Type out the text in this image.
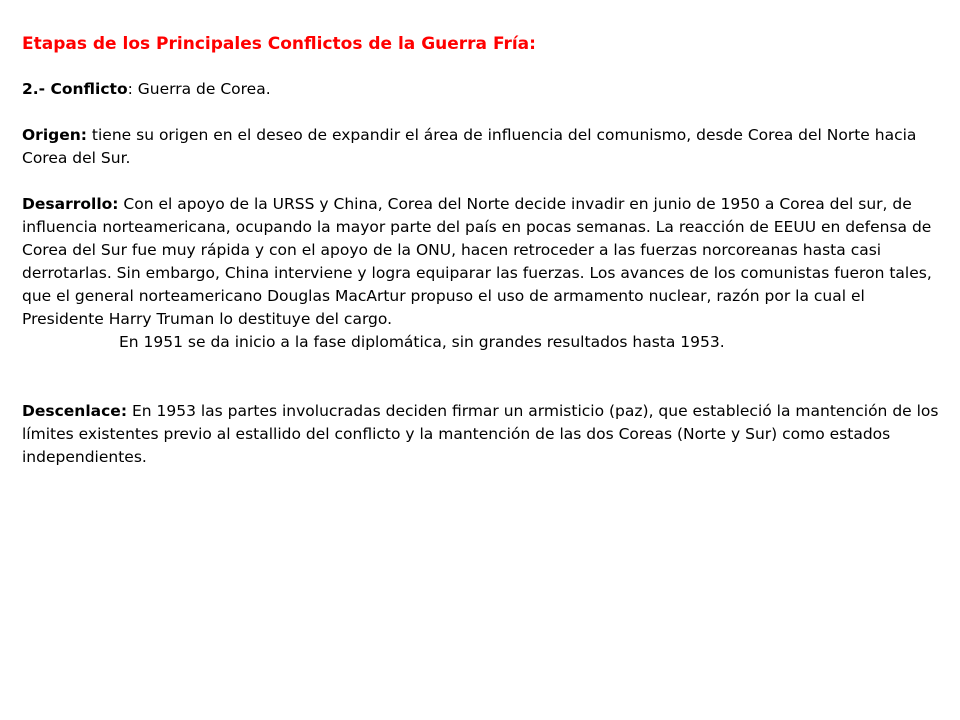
Etapas de los Principales Conflictos de la Guerra Fría:
2.- Conflicto: Guerra de Corea.
Origen: tiene su origen en el deseo de expandir el área de influencia del comunismo, desde Corea del Norte hacia Corea del Sur.
Desarrollo: Con el apoyo de la URSS y China, Corea del Norte decide invadir en junio de 1950 a Corea del sur, de influencia norteamericana, ocupando la mayor parte del país en pocas semanas. La reacción de EEUU en defensa de Corea del Sur fue muy rápida y con el apoyo de la ONU, hacen retroceder a las fuerzas norcoreanas hasta casi derrotarlas. Sin embargo, China interviene y logra equiparar las fuerzas. Los avances de los comunistas fueron tales, que el general norteamericano Douglas MacArtur propuso el uso de armamento nuclear, razón por la cual el Presidente Harry Truman lo destituye del cargo.
En 1951 se da inicio a la fase diplomática, sin grandes resultados hasta 1953.
Descenlace: En 1953 las partes involucradas deciden firmar un armisticio (paz), que estableció la mantención de los límites existentes previo al estallido del conflicto y la mantención de las dos Coreas (Norte y Sur) como estados independientes.
